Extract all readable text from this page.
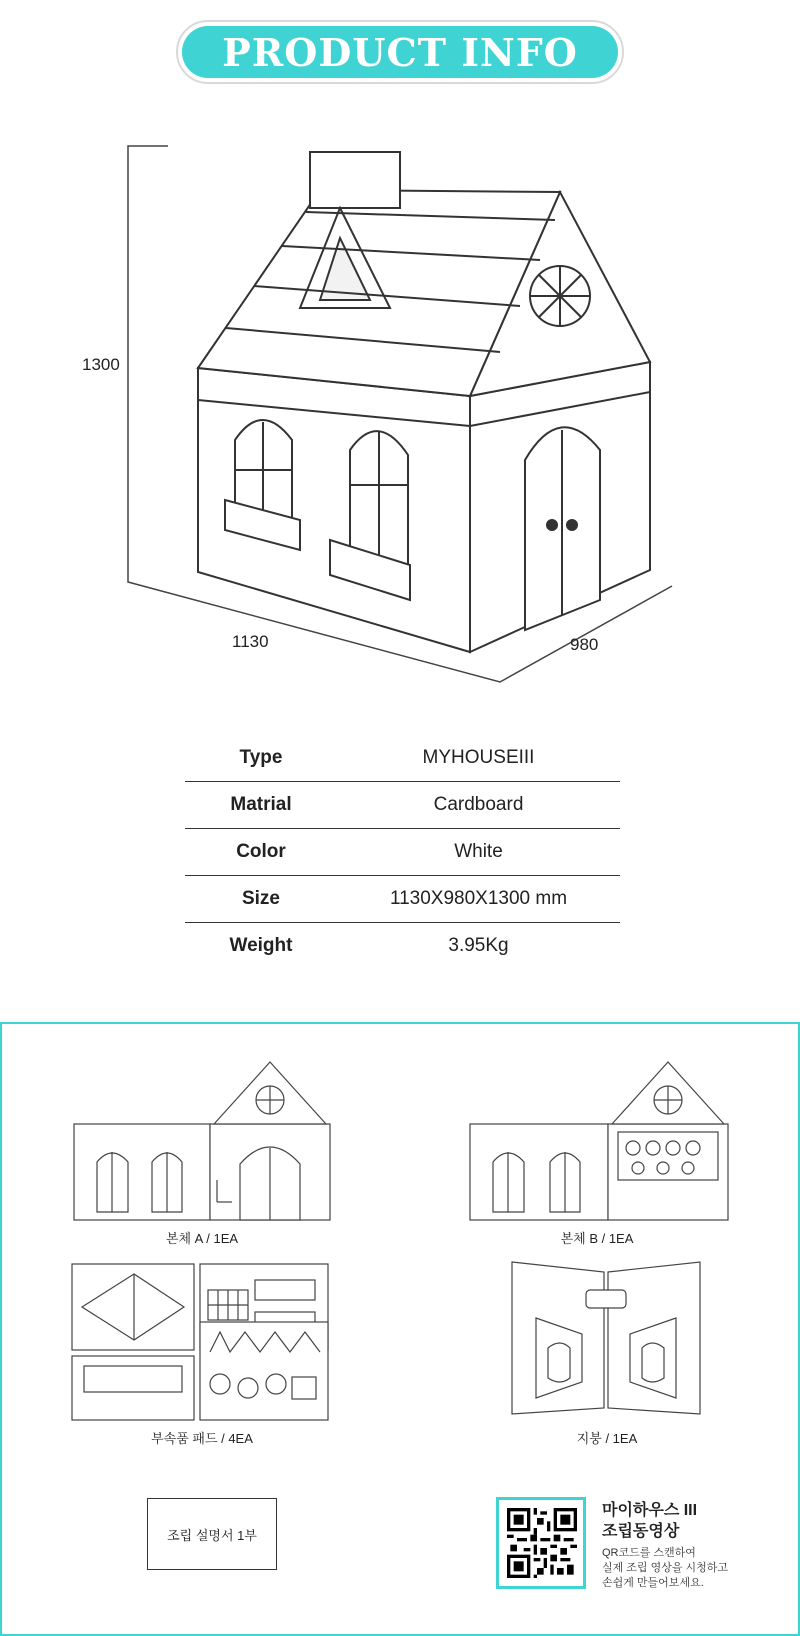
PRODUCT INFO
1300
1130	980
Type	MYHOUSEIII
Matrial	Cardboard
Color	White
Size	1130X980X1300 mm
Weight	3.95Kg
본체 A / 1EA	본체 B / 1EA
부속품 패드 / 4EA	지붕 / 1EA
조립 설명서 1부
마이하우스 III
조립동영상
QR코드를 스캔하여
실제 조립 영상을 시청하고
손쉽게 만들어보세요.
